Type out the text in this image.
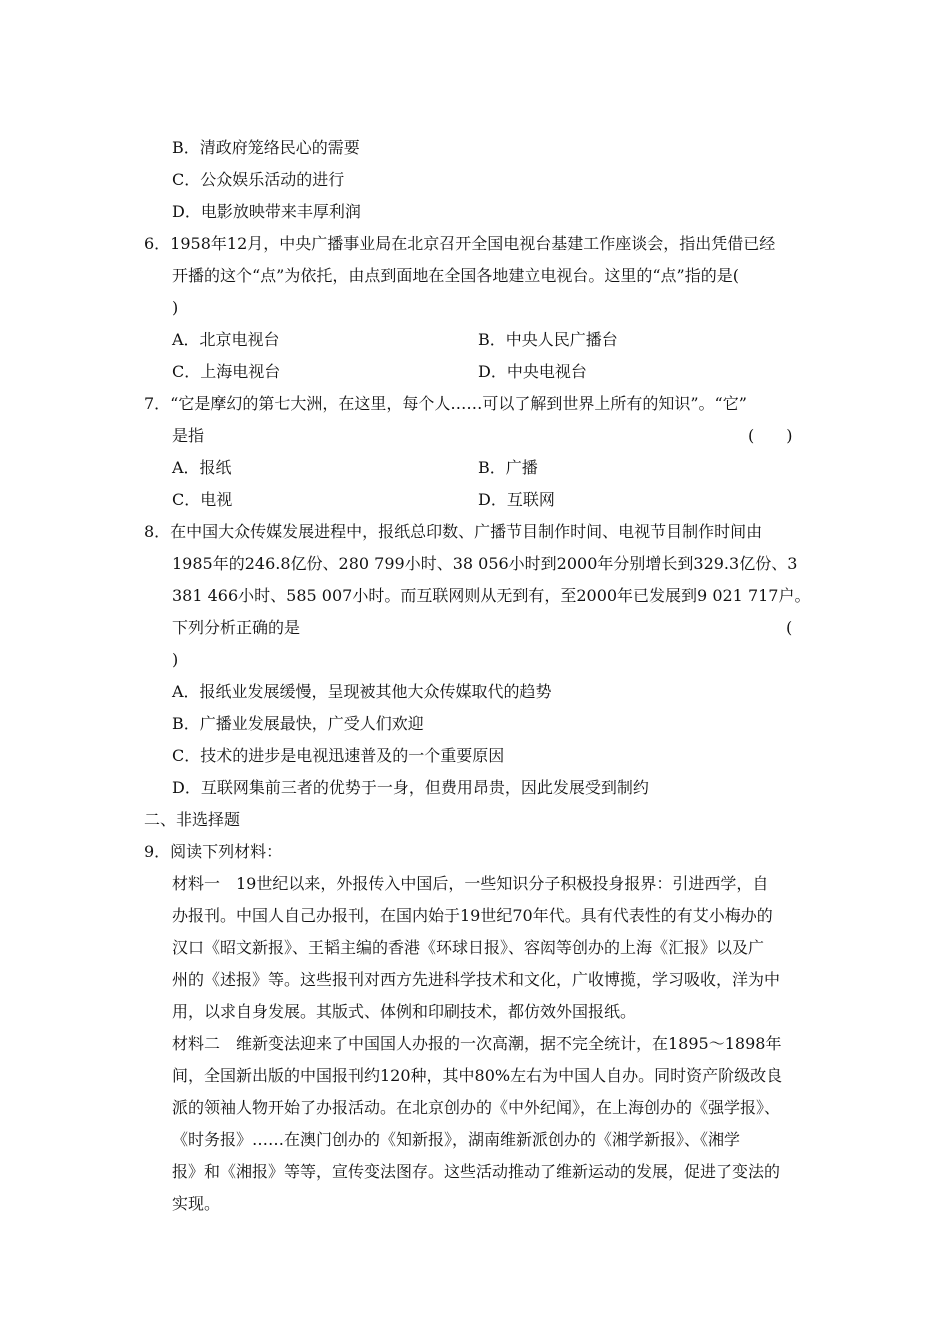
B．清政府笼络民心的需要
C．公众娱乐活动的进行
D．电影放映带来丰厚利润
6．1958年12月，中央广播事业局在北京召开全国电视台基建工作座谈会，指出凭借已经
开播的这个“点”为依托，由点到面地在全国各地建立电视台。这里的“点”指的是(
)
A．北京电视台	B．中央人民广播台
C．上海电视台	D．中央电视台
7．“它是摩幻的第七大洲，在这里，每个人……可以了解到世界上所有的知识”。“它”
是指	(　　)
A．报纸	B．广播
C．电视	D．互联网
8．在中国大众传媒发展进程中，报纸总印数、广播节目制作时间、电视节目制作时间由
1985年的246.8亿份、280 799小时、38 056小时到2000年分别增长到329.3亿份、3
381 466小时、585 007小时。而互联网则从无到有，至2000年已发展到9 021 717户。
下列分析正确的是	(
)
A．报纸业发展缓慢，呈现被其他大众传媒取代的趋势
B．广播业发展最快，广受人们欢迎
C．技术的进步是电视迅速普及的一个重要原因
D．互联网集前三者的优势于一身，但费用昂贵，因此发展受到制约
二、非选择题
9．阅读下列材料：
材料一　19世纪以来，外报传入中国后，一些知识分子积极投身报界：引进西学，自
办报刊。中国人自己办报刊，在国内始于19世纪70年代。具有代表性的有艾小梅办的
汉口《昭文新报》、王韬主编的香港《环球日报》、容闳等创办的上海《汇报》以及广
州的《述报》等。这些报刊对西方先进科学技术和文化，广收博揽，学习吸收，洋为中
用，以求自身发展。其版式、体例和印刷技术，都仿效外国报纸。
材料二　维新变法迎来了中国国人办报的一次高潮，据不完全统计，在1895～1898年
间，全国新出版的中国报刊约120种，其中80%左右为中国人自办。同时资产阶级改良
派的领袖人物开始了办报活动。在北京创办的《中外纪闻》，在上海创办的《强学报》、
《时务报》……在澳门创办的《知新报》，湖南维新派创办的《湘学新报》、《湘学
报》和《湘报》等等，宣传变法图存。这些活动推动了维新运动的发展，促进了变法的
实现。
